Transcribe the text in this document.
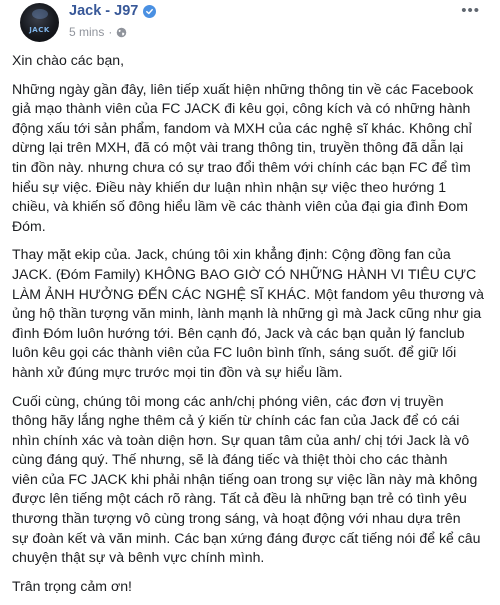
JACK
Jack - J97
5 mins ·
•••

Xin chào các bạn,

Những ngày gần đây, liên tiếp xuất hiện những thông tin về các Facebook
giả mạo thành viên của FC JACK đi kêu gọi, công kích và có những hành
động xấu tới sản phẩm, fandom và MXH của các nghệ sĩ khác. Không chỉ
dừng lại trên MXH, đã có một vài trang thông tin, truyền thông đã dẫn lại
tin đồn này. nhưng chưa có sự trao đổi thêm với chính các bạn FC để tìm
hiểu sự việc. Điều này khiến dư luận nhìn nhận sự việc theo hướng 1
chiều, và khiến số đông hiểu lầm về các thành viên của đại gia đình Đom
Đóm.

Thay mặt ekip của. Jack, chúng tôi xin khẳng định: Cộng đồng fan của
JACK. (Đóm Family) KHÔNG BAO GIỜ CÓ NHỮNG HÀNH VI TIÊU CỰC
LÀM ẢNH HƯỞNG ĐẾN CÁC NGHỆ SĨ KHÁC. Một fandom yêu thương và
ủng hộ thần tượng văn minh, lành mạnh là những gì mà Jack cũng như gia
đình Đóm luôn hướng tới. Bên cạnh đó, Jack và các bạn quản lý fanclub
luôn kêu gọi các thành viên của FC luôn bình tĩnh, sáng suốt. để giữ lối
hành xử đúng mực trước mọi tin đồn và sự hiểu lầm.

Cuối cùng, chúng tôi mong các anh/chị phóng viên, các đơn vị truyền
thông hãy lắng nghe thêm cả ý kiến từ chính các fan của Jack để có cái
nhìn chính xác và toàn diện hơn. Sự quan tâm của anh/ chị tới Jack là vô
cùng đáng quý. Thế nhưng, sẽ là đáng tiếc và thiệt thòi cho các thành
viên của FC JACK khi phải nhận tiếng oan trong sự việc lần này mà không
được lên tiếng một cách rõ ràng. Tất cả đều là những bạn trẻ có tình yêu
thương thần tượng vô cùng trong sáng, và hoạt động với nhau dựa trên
sự đoàn kết và văn minh. Các bạn xứng đáng được cất tiếng nói để kể câu
chuyện thật sự và bênh vực chính mình.

Trân trọng cảm ơn!
